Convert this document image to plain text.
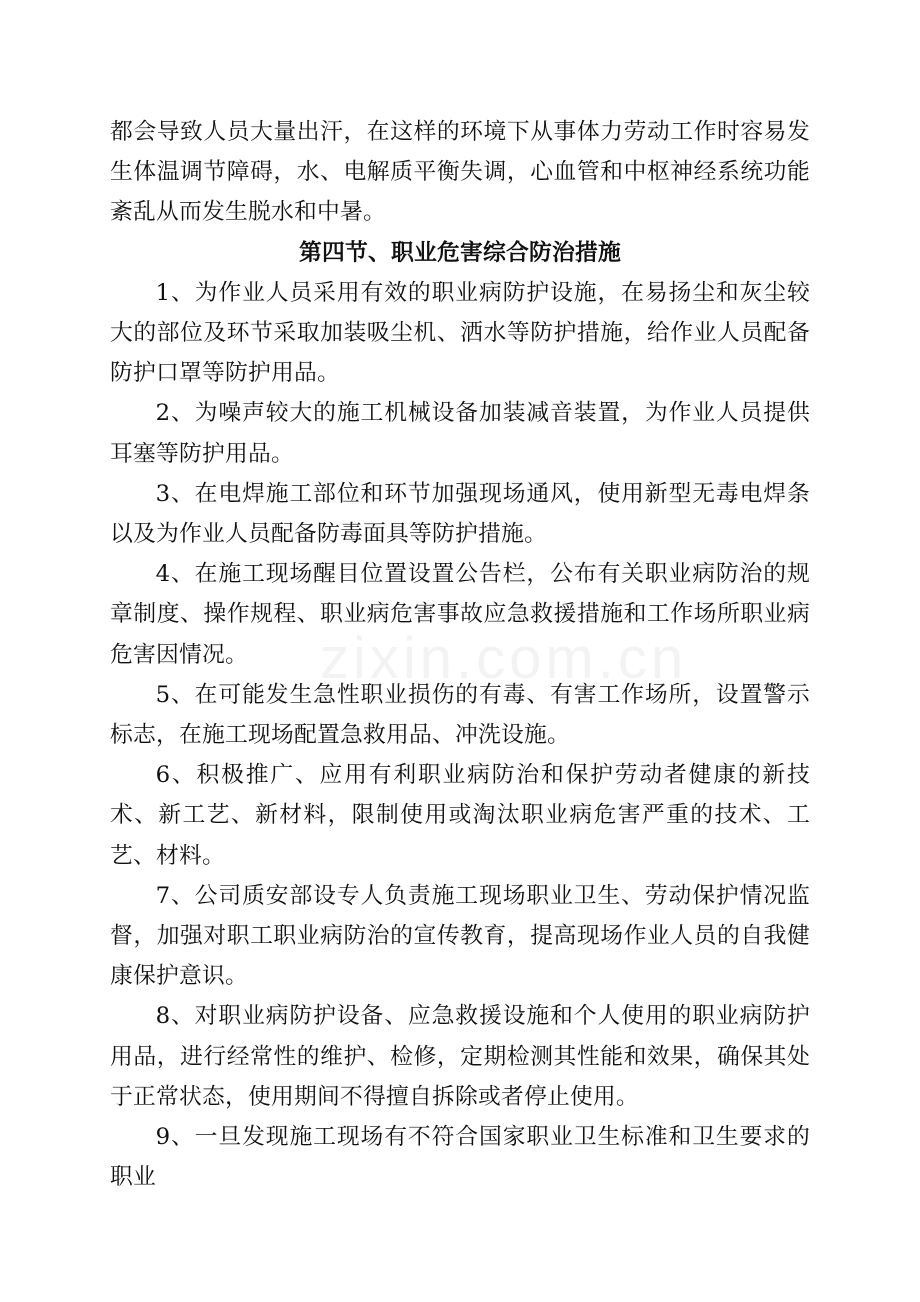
zixin.com.cn

都会导致人员大量出汗，在这样的环境下从事体力劳动工作时容易发生体温调节障碍，水、电解质平衡失调，心血管和中枢神经系统功能紊乱从而发生脱水和中暑。

第四节、职业危害综合防治措施

1、为作业人员采用有效的职业病防护设施，在易扬尘和灰尘较大的部位及环节采取加装吸尘机、洒水等防护措施，给作业人员配备防护口罩等防护用品。

2、为噪声较大的施工机械设备加装减音装置，为作业人员提供耳塞等防护用品。

3、在电焊施工部位和环节加强现场通风，使用新型无毒电焊条以及为作业人员配备防毒面具等防护措施。

4、在施工现场醒目位置设置公告栏，公布有关职业病防治的规章制度、操作规程、职业病危害事故应急救援措施和工作场所职业病危害因情况。

5、在可能发生急性职业损伤的有毒、有害工作场所，设置警示标志，在施工现场配置急救用品、冲洗设施。

6、积极推广、应用有利职业病防治和保护劳动者健康的新技术、新工艺、新材料，限制使用或淘汰职业病危害严重的技术、工艺、材料。

7、公司质安部设专人负责施工现场职业卫生、劳动保护情况监督，加强对职工职业病防治的宣传教育，提高现场作业人员的自我健康保护意识。

8、对职业病防护设备、应急救援设施和个人使用的职业病防护用品，进行经常性的维护、检修，定期检测其性能和效果，确保其处于正常状态，使用期间不得擅自拆除或者停止使用。

9、一旦发现施工现场有不符合国家职业卫生标准和卫生要求的职业
